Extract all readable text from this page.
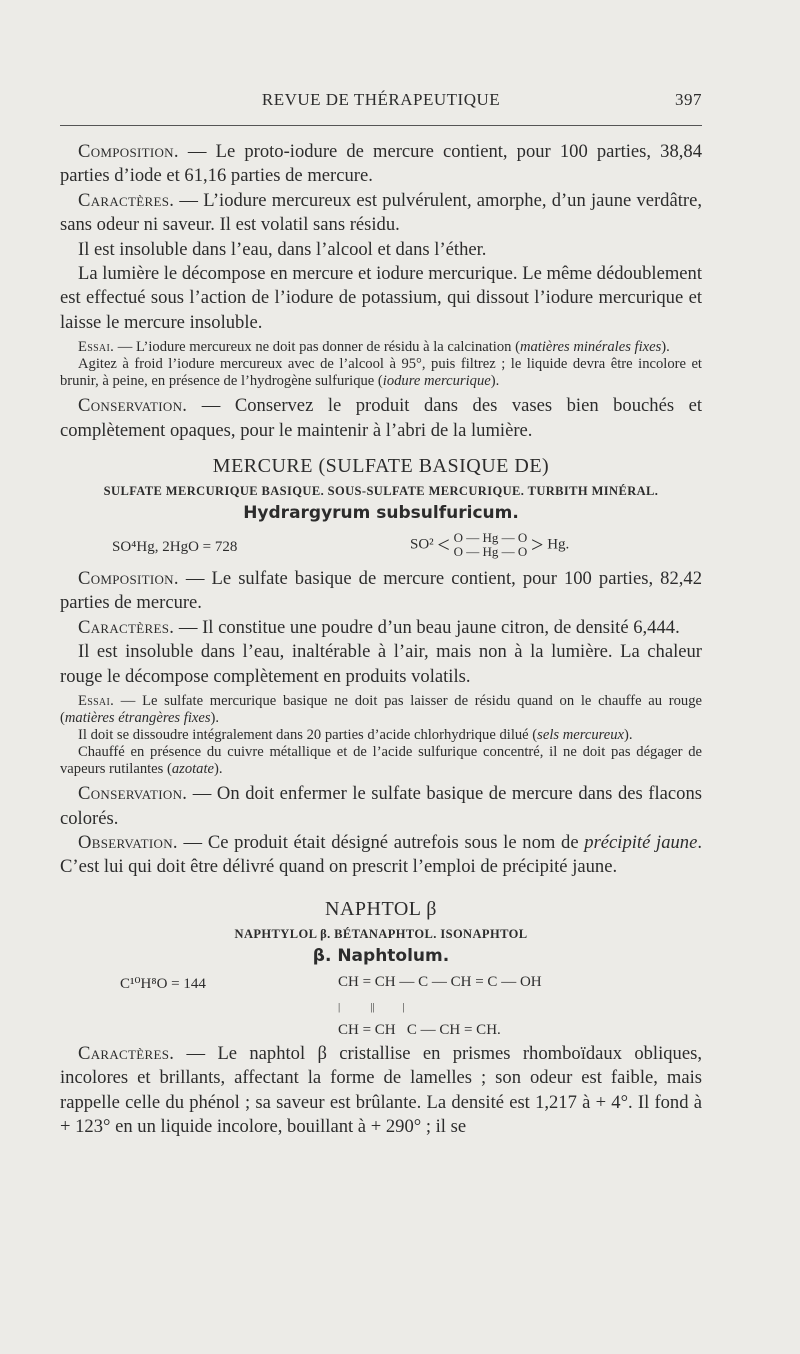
REVUE DE THÉRAPEUTIQUE	397

Composition. — Le proto-iodure de mercure contient, pour 100 parties, 38,84 parties d’iode et 61,16 parties de mercure.

Caractères. — L’iodure mercureux est pulvérulent, amorphe, d’un jaune verdâtre, sans odeur ni saveur. Il est volatil sans résidu.

Il est insoluble dans l’eau, dans l’alcool et dans l’éther.

La lumière le décompose en mercure et iodure mercurique. Le même dédoublement est effectué sous l’action de l’iodure de potassium, qui dissout l’iodure mercurique et laisse le mercure insoluble.

Essai. — L’iodure mercureux ne doit pas donner de résidu à la calcination (matières minérales fixes).

Agitez à froid l’iodure mercureux avec de l’alcool à 95°, puis filtrez ; le liquide devra être incolore et brunir, à peine, en présence de l’hydrogène sulfurique (iodure mercurique).

Conservation. — Conservez le produit dans des vases bien bouchés et complètement opaques, pour le maintenir à l’abri de la lumière.

MERCURE (SULFATE BASIQUE DE)
SULFATE MERCURIQUE BASIQUE. SOUS-SULFATE MERCURIQUE. TURBITH MINÉRAL.
Hydrargyrum subsulfuricum.
SO⁴Hg, 2HgO = 728	SO² < O — Hg — O
O — Hg — O > Hg.

Composition. — Le sulfate basique de mercure contient, pour 100 parties, 82,42 parties de mercure.

Caractères. — Il constitue une poudre d’un beau jaune citron, de densité 6,444.

Il est insoluble dans l’eau, inaltérable à l’air, mais non à la lumière. La chaleur rouge le décompose complètement en produits volatils.

Essai. — Le sulfate mercurique basique ne doit pas laisser de résidu quand on le chauffe au rouge (matières étrangères fixes).

Il doit se dissoudre intégralement dans 20 parties d’acide chlorhydrique dilué (sels mercureux).

Chauffé en présence du cuivre métallique et de l’acide sulfurique concentré, il ne doit pas dégager de vapeurs rutilantes (azotate).

Conservation. — On doit enfermer le sulfate basique de mercure dans des flacons colorés.

Observation. — Ce produit était désigné autrefois sous le nom de précipité jaune. C’est lui qui doit être délivré quand on prescrit l’emploi de précipité jaune.

NAPHTOL β
NAPHTYLOL β. BÉTANAPHTOL. ISONAPHTOL
β. Naphtolum.
C¹⁰H⁸O = 144	CH = CH — C — CH = C — OH
|           ||          |
CH = CH   C — CH = CH.

Caractères. — Le naphtol β cristallise en prismes rhomboïdaux obliques, incolores et brillants, affectant la forme de lamelles ; son odeur est faible, mais rappelle celle du phénol ; sa saveur est brûlante. La densité est 1,217 à + 4°. Il fond à + 123° en un liquide incolore, bouillant à + 290° ; il se
